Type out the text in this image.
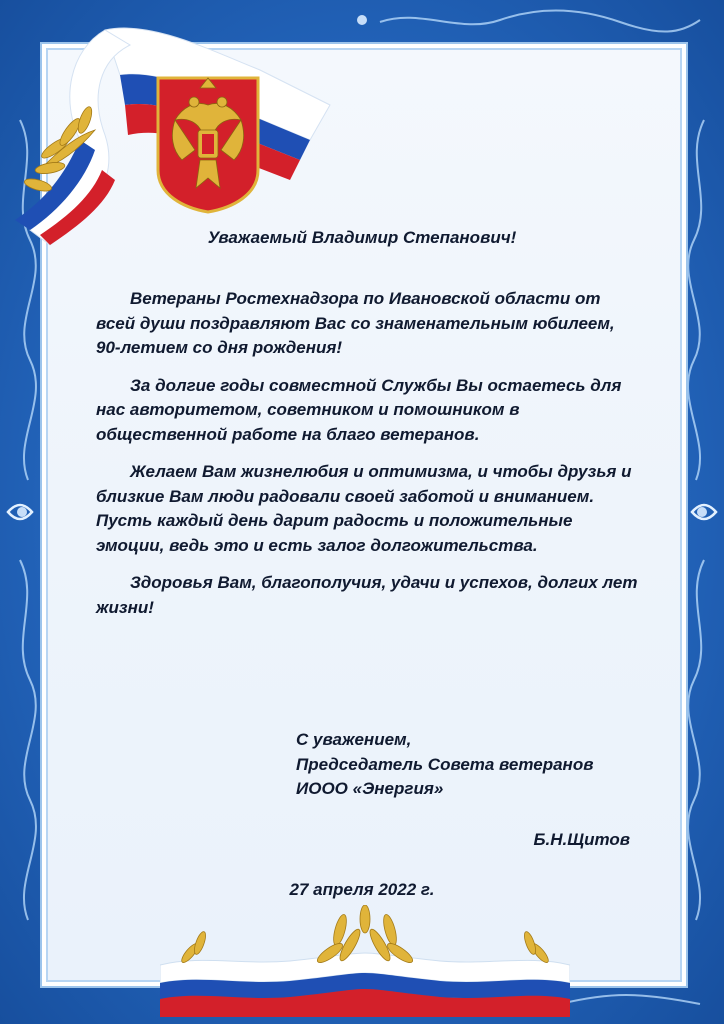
Уважаемый Владимир Степанович!

Ветераны Ростехнадзора по Ивановской области от всей души поздравляют Вас со знаменательным юбилеем, 90-летием со дня рождения!

За долгие годы совместной Службы Вы остаетесь для нас авторитетом, советником и помошником в общественной работе на благо ветеранов.

Желаем Вам жизнелюбия и оптимизма, и чтобы друзья и близкие Вам люди радовали своей заботой и вниманием. Пусть каждый день дарит радость и положительные эмоции, ведь это и есть залог долгожительства.

Здоровья Вам, благополучия, удачи и успехов, долгих лет жизни!

С уважением,
Председатель Совета ветеранов
ИООО «Энергия»
Б.Н.Щитов
27 апреля 2022 г.
